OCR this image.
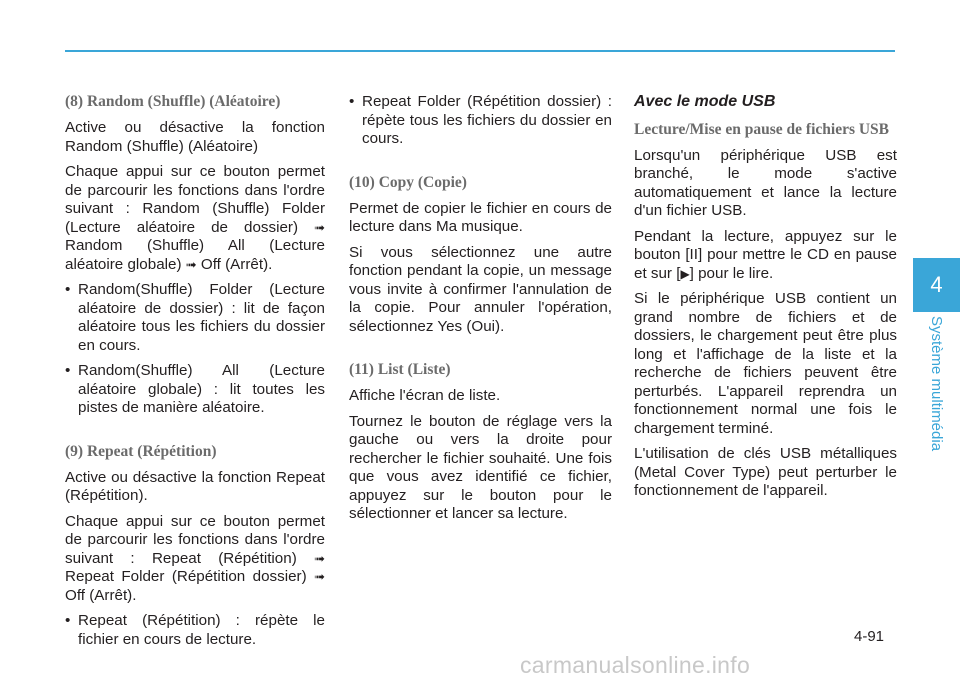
(8) Random (Shuffle) (Aléatoire)

Active ou désactive la fonction Random (Shuffle) (Aléatoire)

Chaque appui sur ce bouton permet de parcourir les fonctions dans l'ordre suivant : Random (Shuffle) Folder (Lecture aléatoire de dossier) ➟ Random (Shuffle) All (Lecture aléatoire globale) ➟ Off (Arrêt).

• Random(Shuffle) Folder (Lecture aléatoire de dossier) : lit de façon aléatoire tous les fichiers du dossier en cours.
• Random(Shuffle) All (Lecture aléatoire globale) : lit toutes les pistes de manière aléatoire.
(9) Repeat (Répétition)

Active ou désactive la fonction Repeat (Répétition).

Chaque appui sur ce bouton permet de parcourir les fonctions dans l'ordre suivant : Repeat (Répétition) ➟ Repeat Folder (Répétition dossier) ➟ Off (Arrêt).

• Repeat (Répétition) : répète le fichier en cours de lecture.
• Repeat Folder (Répétition dossier) : répète tous les fichiers du dossier en cours.
(10) Copy (Copie)

Permet de copier le fichier en cours de lecture dans Ma musique.

Si vous sélectionnez une autre fonction pendant la copie, un message vous invite à confirmer l'annulation de la copie. Pour annuler l'opération, sélectionnez Yes (Oui).

(11) List (Liste)

Affiche l'écran de liste.

Tournez le bouton de réglage vers la gauche ou vers la droite pour rechercher le fichier souhaité. Une fois que vous avez identifié ce fichier, appuyez sur le bouton pour le sélectionner et lancer sa lecture.

Avec le mode USB
Lecture/Mise en pause de fichiers USB

Lorsqu'un périphérique USB est branché, le mode s'active automatiquement et lance la lecture d'un fichier USB.

Pendant la lecture, appuyez sur le bouton [II] pour mettre le CD en pause et sur [▶] pour le lire.

Si le périphérique USB contient un grand nombre de fichiers et de dossiers, le chargement peut être plus long et l'affichage de la liste et la recherche de fichiers peuvent être perturbés. L'appareil reprendra un fonctionnement normal une fois le chargement terminé.

L'utilisation de clés USB métalliques (Metal Cover Type) peut perturber le fonctionnement de l'appareil.

4
Système multimédia
4-91
carmanualsonline.info
